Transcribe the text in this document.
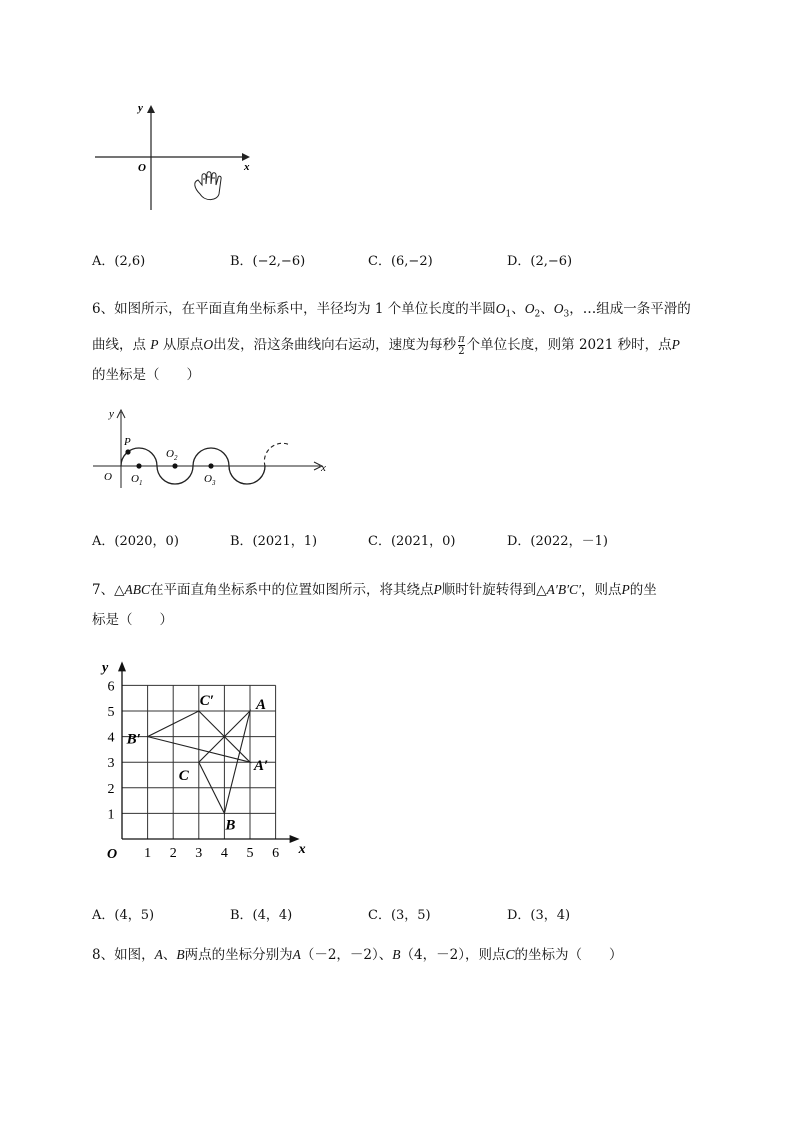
y
x
O
A．(2,6)	B．(−2,−6)	C．(6,−2)	D．(2,−6)
6、如图所示，在平面直角坐标系中，半径均为 1 个单位长度的半圆$O_1$、$O_2$、$O_3$，…组成一条平滑的
曲线，点 P 从原点O出发，沿这条曲线向右运动，速度为每秒 $\frac{\pi}{2}$ 个单位长度，则第 2021 秒时，点P
的坐标是（　　）
y
x
O
P
$O_1$
$O_2$
$O_3$
A．(2020，0)	B．(2021，1)	C．(2021，0)	D．(2022，－1)
7、△ABC在平面直角坐标系中的位置如图所示，将其绕点P顺时针旋转得到△A′B′C′，则点P的坐
标是（　　）
1 2 3 4 5 6
1
2
3
4
5
6
O	x
y
A
B
C
A′
B′
C′
A．(4，5)	B．(4，4)	C．(3，5)	D．(3，4)
8、如图，A、B两点的坐标分别为A（－2，－2）、B（4，－2），则点C的坐标为（　　）
